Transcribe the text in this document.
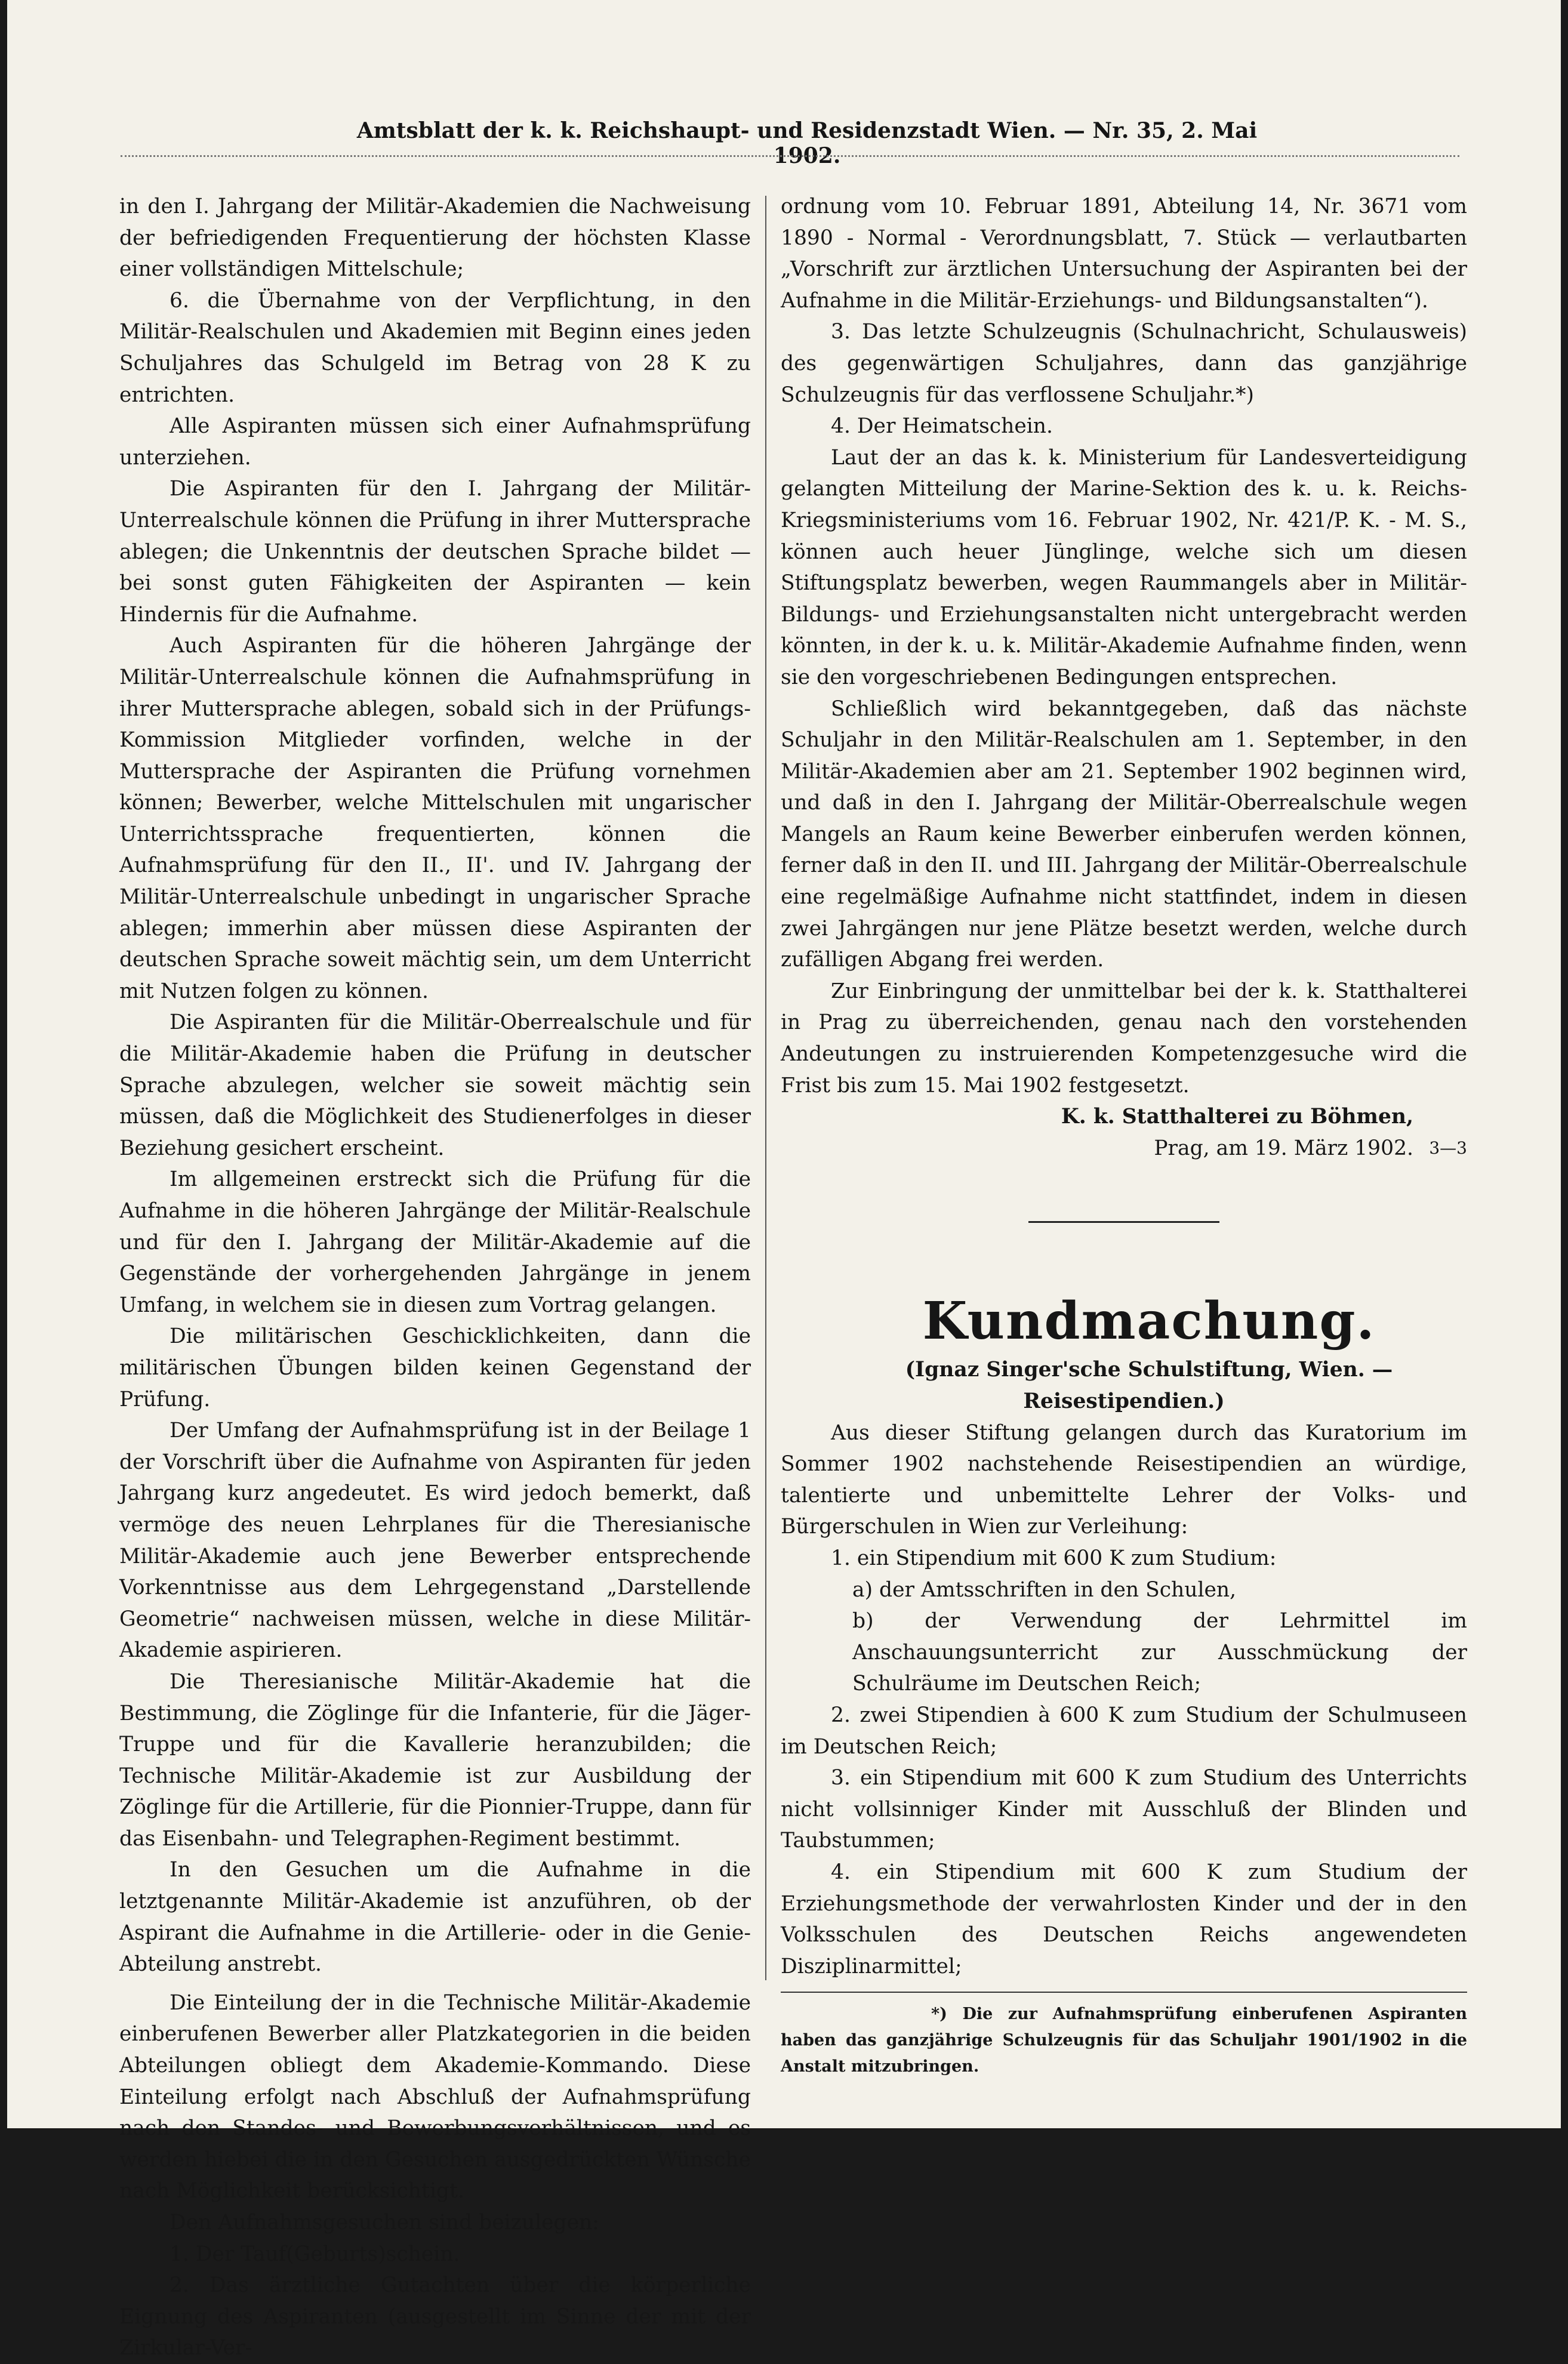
Amtsblatt der k. k. Reichshaupt- und Residenzstadt Wien. — Nr. 35, 2. Mai 1902.

in den I. Jahrgang der Militär-Akademien die Nachweisung der befriedigenden Frequentierung der höchsten Klasse einer vollständigen Mittelschule;

6. die Übernahme von der Verpflichtung, in den Militär-Realschulen und Akademien mit Beginn eines jeden Schuljahres das Schulgeld im Betrag von 28 K zu entrichten.

Alle Aspiranten müssen sich einer Aufnahmsprüfung unterziehen.

Die Aspiranten für den I. Jahrgang der Militär-Unterrealschule können die Prüfung in ihrer Muttersprache ablegen; die Unkenntnis der deutschen Sprache bildet — bei sonst guten Fähigkeiten der Aspiranten — kein Hindernis für die Aufnahme.

Auch Aspiranten für die höheren Jahrgänge der Militär-Unterrealschule können die Aufnahmsprüfung in ihrer Muttersprache ablegen, sobald sich in der Prüfungs-Kommission Mitglieder vorfinden, welche in der Muttersprache der Aspiranten die Prüfung vornehmen können; Bewerber, welche Mittelschulen mit ungarischer Unterrichtssprache frequentierten, können die Aufnahmsprüfung für den II., II'. und IV. Jahrgang der Militär-Unterrealschule unbedingt in ungarischer Sprache ablegen; immerhin aber müssen diese Aspiranten der deutschen Sprache soweit mächtig sein, um dem Unterricht mit Nutzen folgen zu können.

Die Aspiranten für die Militär-Oberrealschule und für die Militär-Akademie haben die Prüfung in deutscher Sprache abzulegen, welcher sie soweit mächtig sein müssen, daß die Möglichkeit des Studienerfolges in dieser Beziehung gesichert erscheint.

Im allgemeinen erstreckt sich die Prüfung für die Aufnahme in die höheren Jahrgänge der Militär-Realschule und für den I. Jahrgang der Militär-Akademie auf die Gegenstände der vorhergehenden Jahrgänge in jenem Umfang, in welchem sie in diesen zum Vortrag gelangen.

Die militärischen Geschicklichkeiten, dann die militärischen Übungen bilden keinen Gegenstand der Prüfung.

Der Umfang der Aufnahmsprüfung ist in der Beilage 1 der Vorschrift über die Aufnahme von Aspiranten für jeden Jahrgang kurz angedeutet. Es wird jedoch bemerkt, daß vermöge des neuen Lehrplanes für die Theresianische Militär-Akademie auch jene Bewerber entsprechende Vorkenntnisse aus dem Lehrgegenstand „Darstellende Geometrie“ nachweisen müssen, welche in diese Militär-Akademie aspirieren.

Die Theresianische Militär-Akademie hat die Bestimmung, die Zöglinge für die Infanterie, für die Jäger-Truppe und für die Kavallerie heranzubilden; die Technische Militär-Akademie ist zur Ausbildung der Zöglinge für die Artillerie, für die Pionnier-Truppe, dann für das Eisenbahn- und Telegraphen-Regiment bestimmt.

In den Gesuchen um die Aufnahme in die letztgenannte Militär-Akademie ist anzuführen, ob der Aspirant die Aufnahme in die Artillerie- oder in die Genie-Abteilung anstrebt.

Die Einteilung der in die Technische Militär-Akademie einberufenen Bewerber aller Platzkategorien in die beiden Abteilungen obliegt dem Akademie-Kommando. Diese Einteilung erfolgt nach Abschluß der Aufnahmsprüfung nach den Standes- und Bewerbungsverhältnissen, und es werden hiebei die in den Gesuchen ausgedrückten Wünsche nach Möglichkeit berücksichtigt.

Den Aufnahmsgesuchen sind beizulegen:

1. Der Tauf(Geburts)schein.

2. Das ärztliche Gutachten über die körperliche Eignung des Aspiranten (ausgestellt im Sinne der mit der Zirkular-Ver-

ordnung vom 10. Februar 1891, Abteilung 14, Nr. 3671 vom 1890 - Normal - Verordnungsblatt, 7. Stück — verlautbarten „Vorschrift zur ärztlichen Untersuchung der Aspiranten bei der Aufnahme in die Militär-Erziehungs- und Bildungsanstalten“).

3. Das letzte Schulzeugnis (Schulnachricht, Schulausweis) des gegenwärtigen Schuljahres, dann das ganzjährige Schulzeugnis für das verflossene Schuljahr.*)

4. Der Heimatschein.

Laut der an das k. k. Ministerium für Landesverteidigung gelangten Mitteilung der Marine-Sektion des k. u. k. Reichs-Kriegsministeriums vom 16. Februar 1902, Nr. 421/P. K. - M. S., können auch heuer Jünglinge, welche sich um diesen Stiftungsplatz bewerben, wegen Raummangels aber in Militär-Bildungs- und Erziehungsanstalten nicht untergebracht werden könnten, in der k. u. k. Militär-Akademie Aufnahme finden, wenn sie den vorgeschriebenen Bedingungen entsprechen.

Schließlich wird bekanntgegeben, daß das nächste Schuljahr in den Militär-Realschulen am 1. September, in den Militär-Akademien aber am 21. September 1902 beginnen wird, und daß in den I. Jahrgang der Militär-Oberrealschule wegen Mangels an Raum keine Bewerber einberufen werden können, ferner daß in den II. und III. Jahrgang der Militär-Oberrealschule eine regelmäßige Aufnahme nicht stattfindet, indem in diesen zwei Jahrgängen nur jene Plätze besetzt werden, welche durch zufälligen Abgang frei werden.

Zur Einbringung der unmittelbar bei der k. k. Statthalterei in Prag zu überreichenden, genau nach den vorstehenden Andeutungen zu instruierenden Kompetenzgesuche wird die Frist bis zum 15. Mai 1902 festgesetzt.

K. k. Statthalterei zu Böhmen,

Prag, am 19. März 1902. 3—3

Kundmachung.

(Ignaz Singer'sche Schulstiftung, Wien. — Reisestipendien.)

Aus dieser Stiftung gelangen durch das Kuratorium im Sommer 1902 nachstehende Reisestipendien an würdige, talentierte und unbemittelte Lehrer der Volks- und Bürgerschulen in Wien zur Verleihung:

1. ein Stipendium mit 600 K zum Studium:

a) der Amtsschriften in den Schulen,

b) der Verwendung der Lehrmittel im Anschauungsunterricht zur Ausschmückung der Schulräume im Deutschen Reich;

2. zwei Stipendien à 600 K zum Studium der Schulmuseen im Deutschen Reich;

3. ein Stipendium mit 600 K zum Studium des Unterrichts nicht vollsinniger Kinder mit Ausschluß der Blinden und Taubstummen;

4. ein Stipendium mit 600 K zum Studium der Erziehungsmethode der verwahrlosten Kinder und der in den Volksschulen des Deutschen Reichs angewendeten Disziplinarmittel;

*) Die zur Aufnahmsprüfung einberufenen Aspiranten haben das ganzjährige Schulzeugnis für das Schuljahr 1901/1902 in die Anstalt mitzubringen.
